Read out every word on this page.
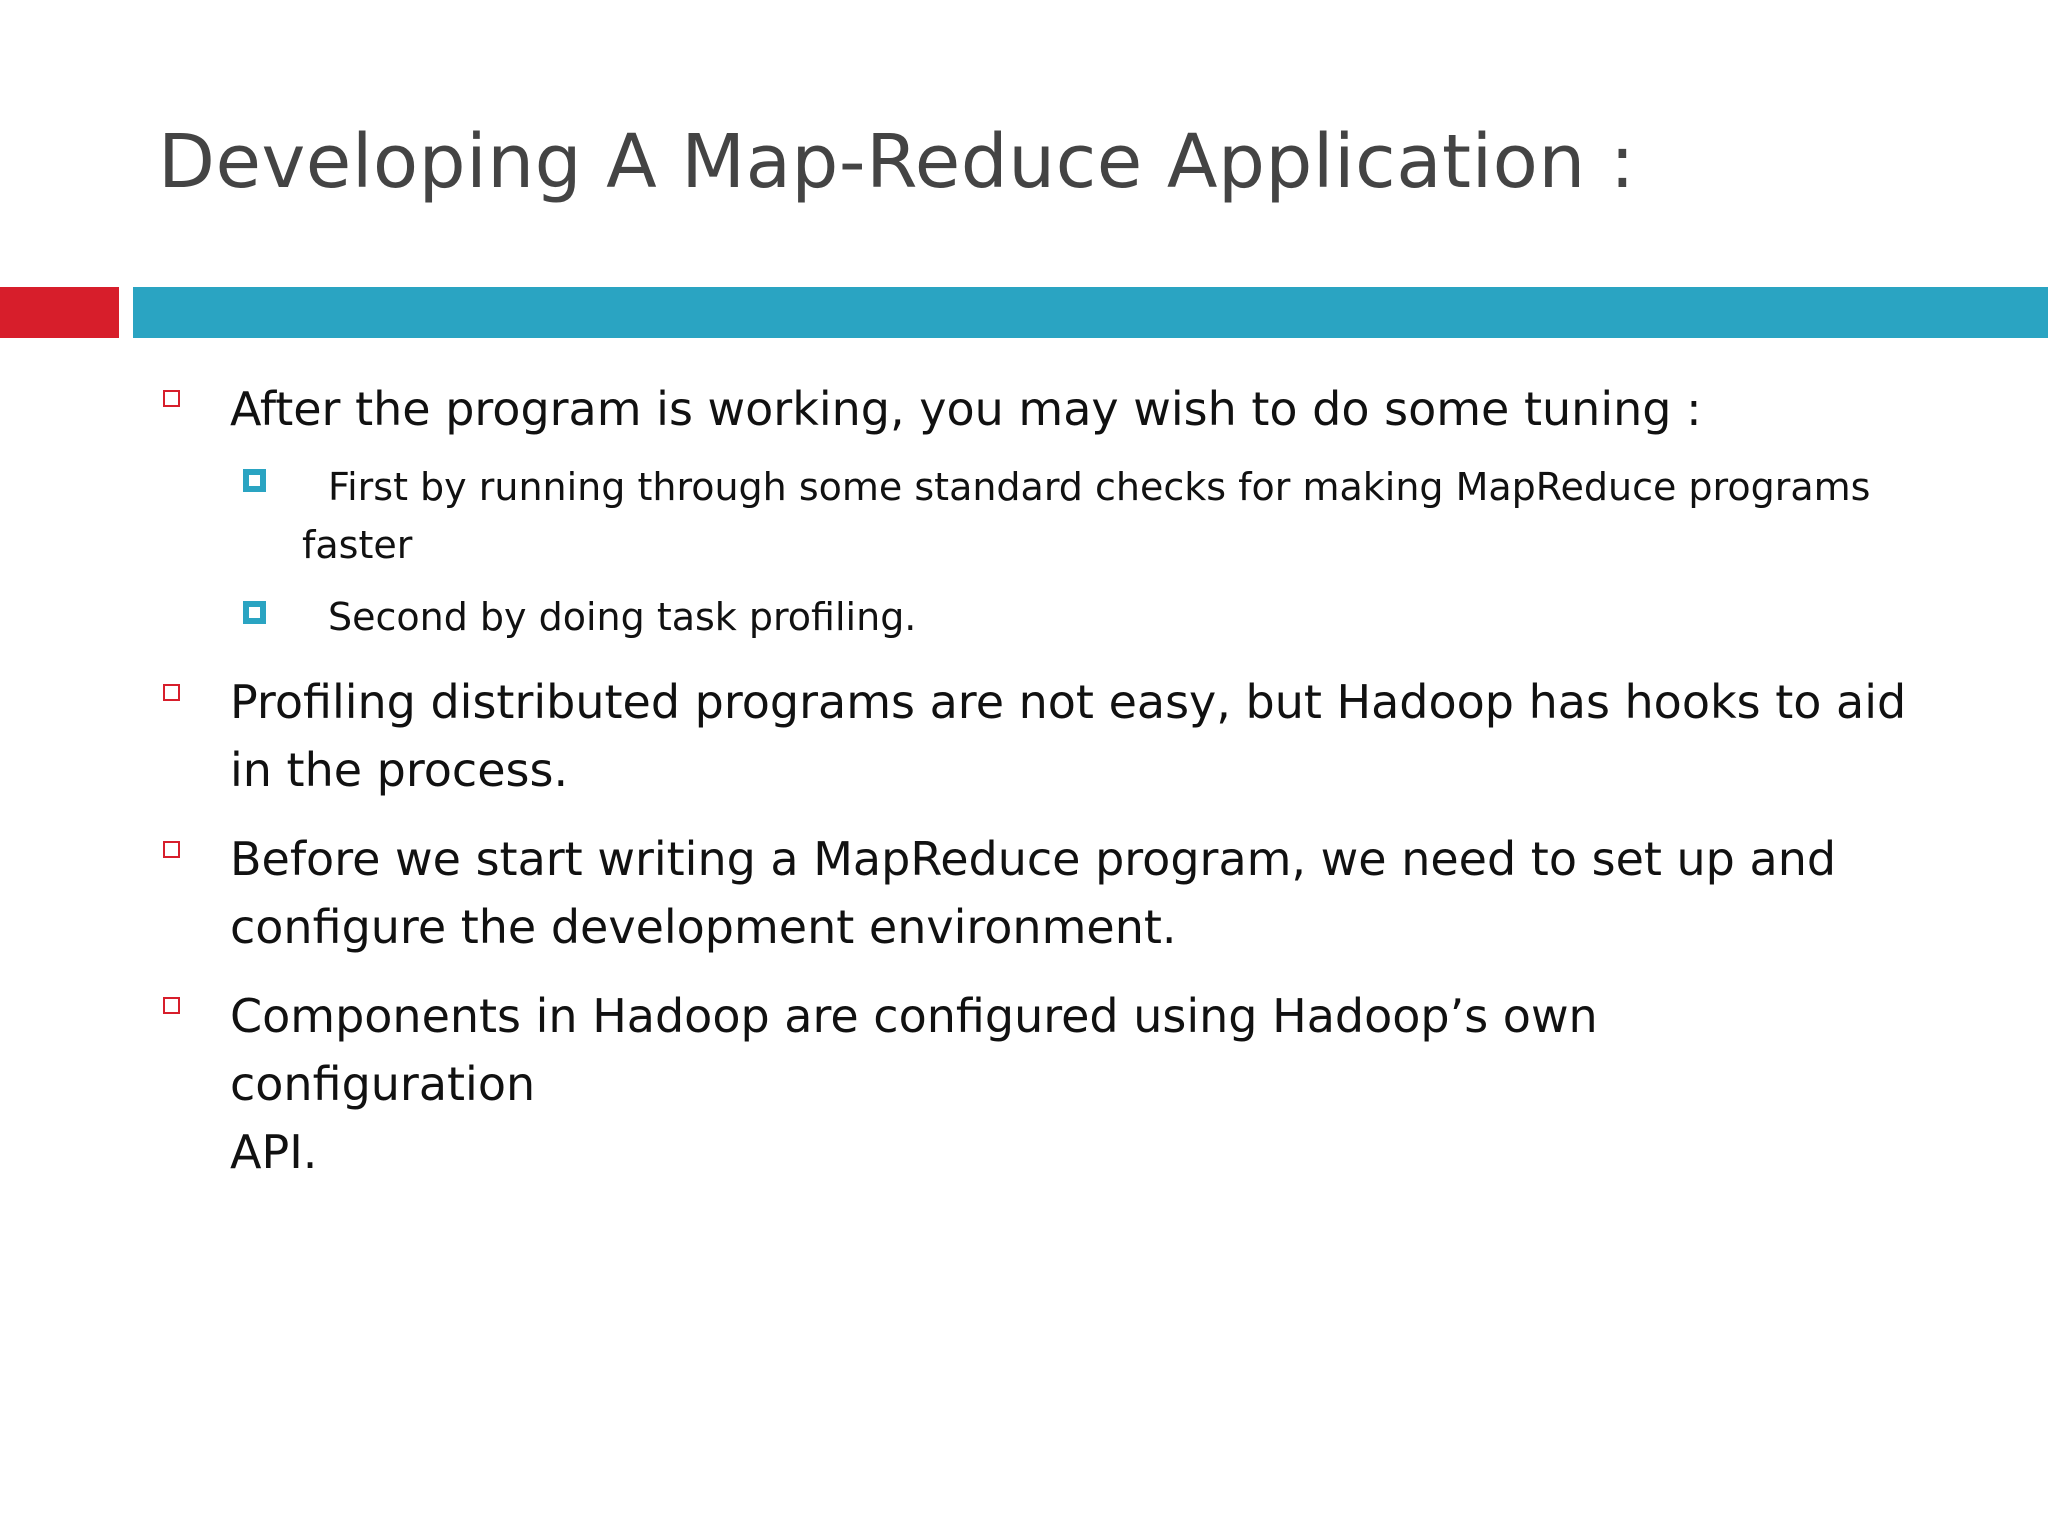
Developing A Map-Reduce Application :
After the program is working, you may wish to do some tuning :
First by running through some standard checks for making MapReduce programs
faster
Second by doing task profiling.
Profiling distributed programs are not easy, but Hadoop has hooks to aid
in the process.
Before we start writing a MapReduce program, we need to set up and
configure the development environment.
Components in Hadoop are configured using Hadoop’s own configuration
API.
